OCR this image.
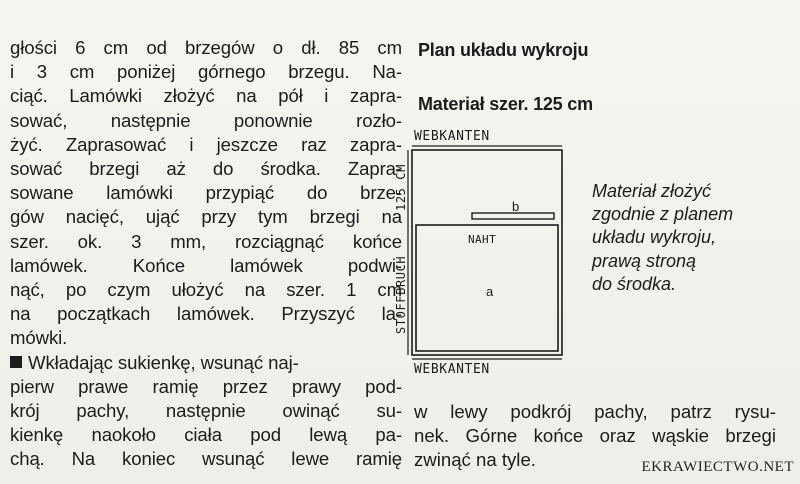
głości 6 cm od brzegów o dł. 85 cm
i 3 cm poniżej górnego brzegu. Na-
ciąć. Lamówki złożyć na pół i zapra-
sować, następnie ponownie rozło-
żyć. Zaprasować i jeszcze raz zapra-
sować brzegi aż do środka. Zapra-
sowane lamówki przypiąć do brze-
gów nacięć, ująć przy tym brzegi na
szer. ok. 3 mm, rozciągnąć końce
lamówek. Końce lamówek podwi-
nąć, po czym ułożyć na szer. 1 cm
na początkach lamówek. Przyszyć la-
mówki.
Wkładając sukienkę, wsunąć naj-
pierw prawe ramię przez prawy pod-
krój pachy, następnie owinąć su-
kienkę naokoło ciała pod lewą pa-
chą. Na koniec wsunąć lewe ramię
Plan układu wykroju
Materiał szer. 125 cm
WEBKANTEN
b
NAHT
a
125 CM
STOFFBRUCH
WEBKANTEN
Materiał złożyć
zgodnie z planem
układu wykroju,
prawą stroną
do środka.
w lewy podkrój pachy, patrz rysu-
nek. Górne końce oraz wąskie brzegi
zwinąć na tyle.	EKRAWIECTWO.NET
